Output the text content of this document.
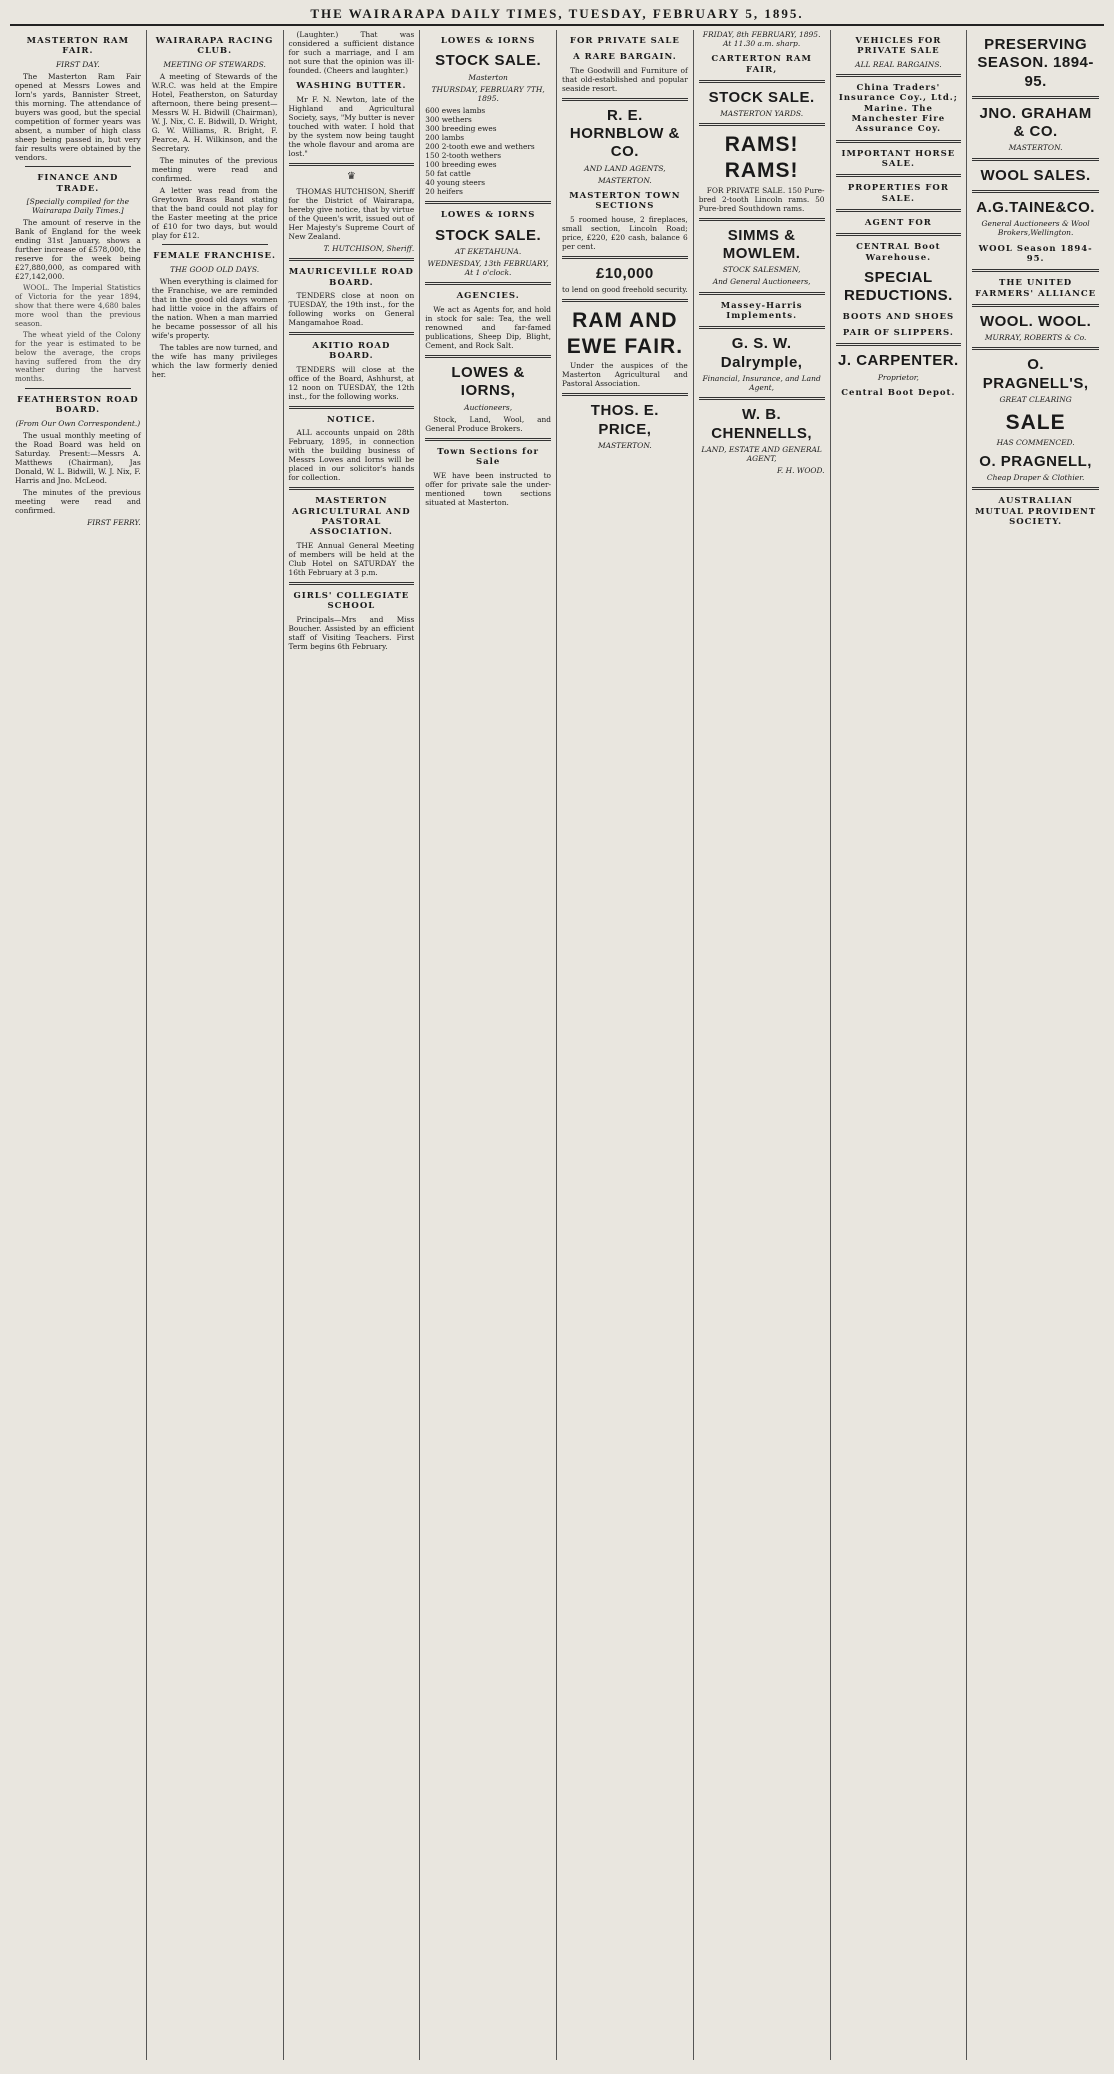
THE WAIRARAPA DAILY TIMES, TUESDAY, FEBRUARY 5, 1895.
MASTERTON RAM FAIR.
FIRST DAY.

The Masterton Ram Fair opened at Messrs Lowes and Iorn's yards, Bannister Street, this morning. The attendance of buyers was good, but the special competition of former years was absent, a number of high class sheep being passed in, but very fair results were obtained by the vendors.

FINANCE AND TRADE.
[Specially compiled for the Wairarapa Daily Times.]

The amount of reserve in the Bank of England for the week ending 31st January, shows a further increase of £578,000, the reserve for the week being £27,880,000, as compared with £27,142,000.

WOOL. The Imperial Statistics of Victoria for the year 1894, show that there were 4,680 bales more wool than the previous season.

The wheat yield of the Colony for the year is estimated to be below the average, the crops having suffered from the dry weather during the harvest months.

FEATHERSTON ROAD BOARD.
(From Our Own Correspondent.)

The usual monthly meeting of the Road Board was held on Saturday. Present:—Messrs A. Matthews (Chairman), Jas Donald, W. L. Bidwill, W. J. Nix, F. Harris and Jno. McLeod.

The minutes of the previous meeting were read and confirmed.

FIRST FERRY.

WAIRARAPA RACING CLUB.
MEETING OF STEWARDS.

A meeting of Stewards of the W.R.C. was held at the Empire Hotel, Featherston, on Saturday afternoon, there being present—Messrs W. H. Bidwill (Chairman), W. J. Nix, C. E. Bidwill, D. Wright, G. W. Williams, R. Bright, F. Pearce, A. H. Wilkinson, and the Secretary.

The minutes of the previous meeting were read and confirmed.

A letter was read from the Greytown Brass Band stating that the band could not play for the Easter meeting at the price of £10 for two days, but would play for £12.

FEMALE FRANCHISE.
THE GOOD OLD DAYS.

When everything is claimed for the Franchise, we are reminded that in the good old days women had little voice in the affairs of the nation. When a man married he became possessor of all his wife's property.

The tables are now turned, and the wife has many privileges which the law formerly denied her.

(Laughter.) That was considered a sufficient distance for such a marriage, and I am not sure that the opinion was ill-founded. (Cheers and laughter.)

WASHING BUTTER.

Mr F. N. Newton, late of the Highland and Agricultural Society, says, "My butter is never touched with water. I hold that by the system now being taught the whole flavour and aroma are lost."

♛

THOMAS HUTCHISON, Sheriff for the District of Wairarapa, hereby give notice, that by virtue of the Queen's writ, issued out of Her Majesty's Supreme Court of New Zealand.

T. HUTCHISON, Sheriff.

MAURICEVILLE ROAD BOARD.

TENDERS close at noon on TUESDAY, the 19th inst., for the following works on General Mangamahoe Road.

AKITIO ROAD BOARD.

TENDERS will close at the office of the Board, Ashhurst, at 12 noon on TUESDAY, the 12th inst., for the following works.

NOTICE.

ALL accounts unpaid on 28th February, 1895, in connection with the building business of Messrs Lowes and Iorns will be placed in our solicitor's hands for collection.

MASTERTON AGRICULTURAL AND PASTORAL ASSOCIATION.

THE Annual General Meeting of members will be held at the Club Hotel on SATURDAY the 16th February at 3 p.m.

GIRLS' COLLEGIATE SCHOOL

Principals—Mrs and Miss Boucher. Assisted by an efficient staff of Visiting Teachers. First Term begins 6th February.

LOWES & IORNS
STOCK SALE.
Masterton
THURSDAY, FEBRUARY 7TH, 1895.
600 ewes lambs
300 wethers
300 breeding ewes
200 lambs
200 2-tooth ewe and wethers
150 2-tooth wethers
100 breeding ewes
50 fat cattle
40 young steers
20 heifers
LOWES & IORNS
STOCK SALE.
AT EKETAHUNA.
WEDNESDAY, 13th FEBRUARY, At 1 o'clock.
AGENCIES.

We act as Agents for, and hold in stock for sale: Tea, the well renowned and far-famed publications, Sheep Dip, Blight, Cement, and Rock Salt.

LOWES & IORNS,
Auctioneers,

Stock, Land, Wool, and General Produce Brokers.

Town Sections for Sale

WE have been instructed to offer for private sale the under-mentioned town sections situated at Masterton.

FOR PRIVATE SALE
A RARE BARGAIN.

The Goodwill and Furniture of that old-established and popular seaside resort.

R. E. HORNBLOW & CO.
AND LAND AGENTS,
MASTERTON.
MASTERTON TOWN SECTIONS

5 roomed house, 2 fireplaces, small section, Lincoln Road; price, £220, £20 cash, balance 6 per cent.

£10,000

to lend on good freehold security.

RAM AND EWE FAIR.

Under the auspices of the Masterton Agricultural and Pastoral Association.

THOS. E. PRICE,
MASTERTON.
FRIDAY, 8th FEBRUARY, 1895. At 11.30 a.m. sharp.
CARTERTON RAM FAIR,
STOCK SALE.
MASTERTON YARDS.
RAMS! RAMS!

FOR PRIVATE SALE. 150 Pure-bred 2-tooth Lincoln rams. 50 Pure-bred Southdown rams.

SIMMS & MOWLEM.
STOCK SALESMEN,
And General Auctioneers,
Massey-Harris Implements.
G. S. W. Dalrymple,
Financial, Insurance, and Land Agent,
W. B. CHENNELLS,
LAND, ESTATE AND GENERAL AGENT,

F. H. WOOD.

VEHICLES FOR PRIVATE SALE
ALL REAL BARGAINS.
China Traders' Insurance Coy., Ltd.; Marine. The Manchester Fire Assurance Coy.
IMPORTANT HORSE SALE.
PROPERTIES FOR SALE.
AGENT FOR
CENTRAL Boot Warehouse.
SPECIAL REDUCTIONS.
BOOTS AND SHOES
PAIR OF SLIPPERS.
J. CARPENTER.
Proprietor,
Central Boot Depot.
PRESERVING SEASON. 1894-95.
JNO. GRAHAM & CO.
MASTERTON.
WOOL SALES.
A.G.TAINE&CO.
General Auctioneers & Wool Brokers,Wellington.
WOOL Season 1894-95.
THE UNITED FARMERS' ALLIANCE
WOOL. WOOL.
MURRAY, ROBERTS & Co.
O. PRAGNELL'S,
GREAT CLEARING
SALE
HAS COMMENCED.
O. PRAGNELL,
Cheap Draper & Clothier.
AUSTRALIAN MUTUAL PROVIDENT SOCIETY.
